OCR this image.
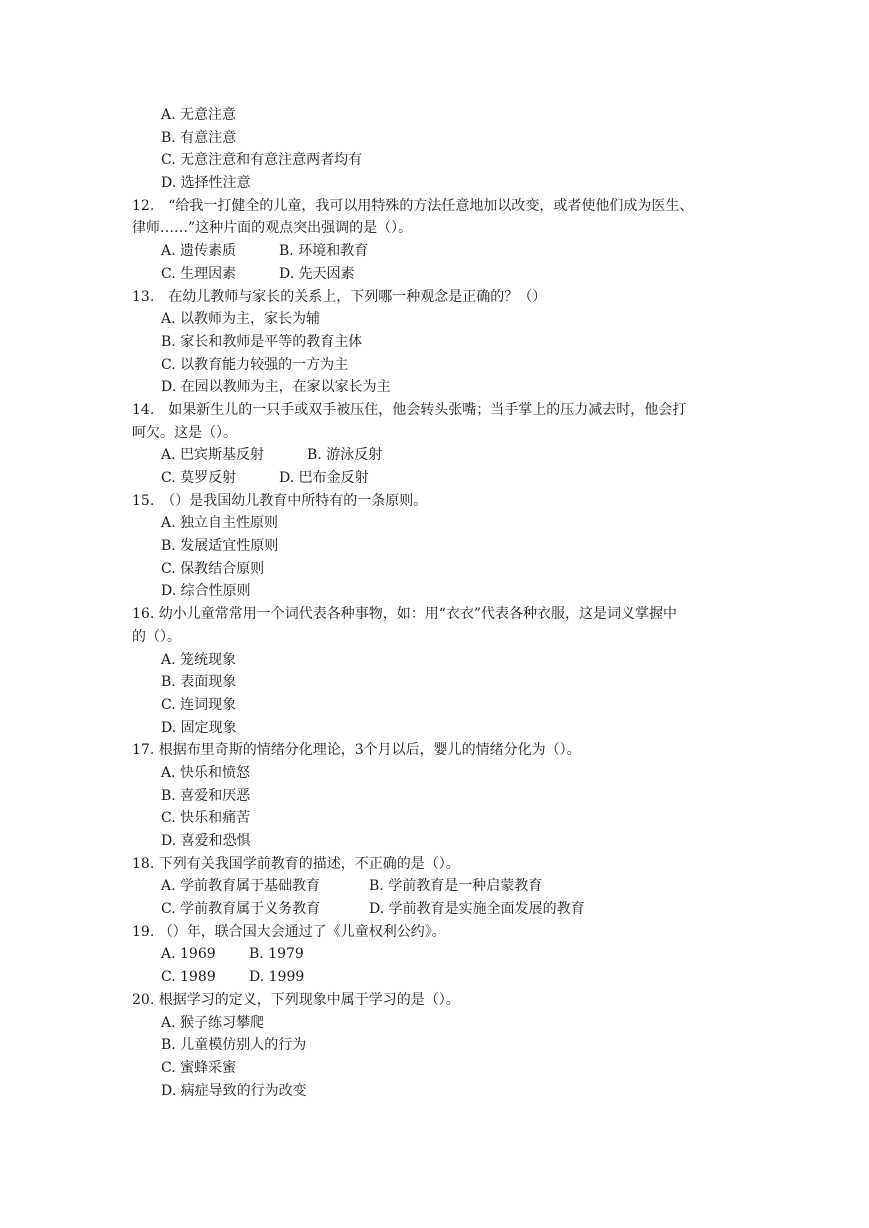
A. 无意注意
B. 有意注意
C. 无意注意和有意注意两者均有
D. 选择性注意
12.　“给我一打健全的儿童，我可以用特殊的方法任意地加以改变，或者使他们成为医生、
律师……”这种片面的观点突出强调的是（）。
A. 遗传素质	B. 环境和教育
C. 生理因素	D. 先天因素
13.　在幼儿教师与家长的关系上，下列哪一种观念是正确的？（）
A. 以教师为主，家长为辅
B. 家长和教师是平等的教育主体
C. 以教育能力较强的一方为主
D. 在园以教师为主，在家以家长为主
14.　如果新生儿的一只手或双手被压住，他会转头张嘴；当手掌上的压力减去时，他会打
呵欠。这是（）。
A. 巴宾斯基反射	B. 游泳反射
C. 莫罗反射	D. 巴布金反射
15.　（）是我国幼儿教育中所特有的一条原则。
A. 独立自主性原则
B. 发展适宜性原则
C. 保教结合原则
D. 综合性原则
16. 幼小儿童常常用一个词代表各种事物，如：用“衣衣”代表各种衣服，这是词义掌握中
的（）。
A. 笼统现象
B. 表面现象
C. 连词现象
D. 固定现象
17. 根据布里奇斯的情绪分化理论，3个月以后，婴儿的情绪分化为（）。
A. 快乐和愤怒
B. 喜爱和厌恶
C. 快乐和痛苦
D. 喜爱和恐惧
18. 下列有关我国学前教育的描述，不正确的是（）。
A. 学前教育属于基础教育	B. 学前教育是一种启蒙教育
C. 学前教育属于义务教育	D. 学前教育是实施全面发展的教育
19. （）年，联合国大会通过了《儿童权利公约》。
A. 1969	B. 1979
C. 1989	D. 1999
20. 根据学习的定义，下列现象中属于学习的是（）。
A. 猴子练习攀爬
B. 儿童模仿别人的行为
C. 蜜蜂采蜜
D. 病症导致的行为改变
